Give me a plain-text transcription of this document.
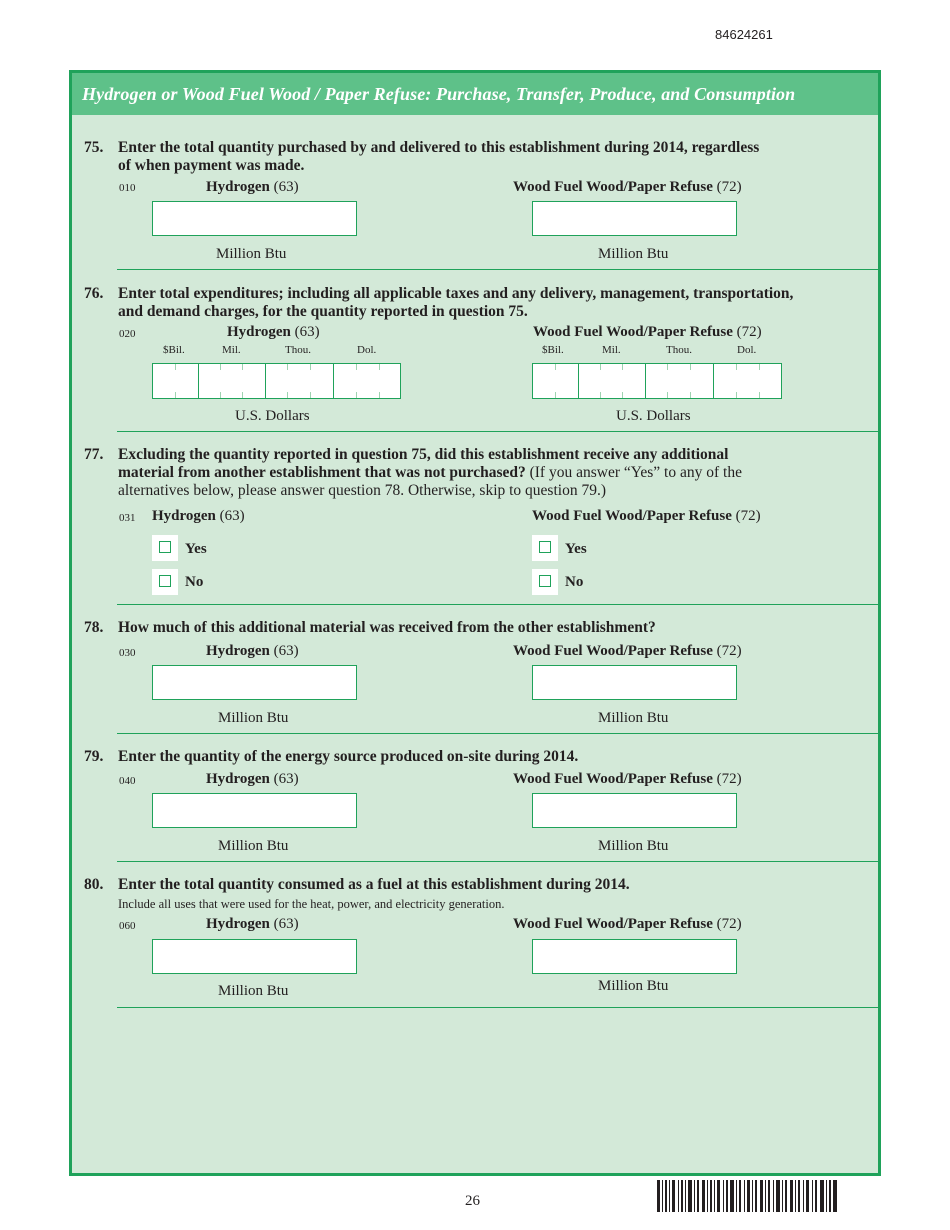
84624261
Hydrogen or Wood Fuel Wood / Paper Refuse: Purchase, Transfer, Produce, and Consumption
75. Enter the total quantity purchased by and delivered to this establishment during 2014, regardless
of when payment was made.
010	Hydrogen (63)	Wood Fuel Wood/Paper Refuse (72)
Million Btu	Million Btu
76. Enter total expenditures; including all applicable taxes and any delivery, management, transportation,
and demand charges, for the quantity reported in question 75.
020	Hydrogen (63)	Wood Fuel Wood/Paper Refuse (72)
$Bil.	Mil.	Thou.	Dol.	$Bil.	Mil.	Thou.	Dol.
U.S. Dollars	U.S. Dollars
77. Excluding the quantity reported in question 75, did this establishment receive any additional
material from another establishment that was not purchased? (If you answer “Yes” to any of the
alternatives below, please answer question 78. Otherwise, skip to question 79.)
031 Hydrogen (63)	Wood Fuel Wood/Paper Refuse (72)
Yes
No
Yes
No
78. How much of this additional material was received from the other establishment?
030	Hydrogen (63)	Wood Fuel Wood/Paper Refuse (72)
Million Btu	Million Btu
79. Enter the quantity of the energy source produced on-site during 2014.
040	Hydrogen (63)	Wood Fuel Wood/Paper Refuse (72)
Million Btu	Million Btu
80. Enter the total quantity consumed as a fuel at this establishment during 2014.
Include all uses that were used for the heat, power, and electricity generation.
060	Hydrogen (63)	Wood Fuel Wood/Paper Refuse (72)
Million Btu	Million Btu
26
